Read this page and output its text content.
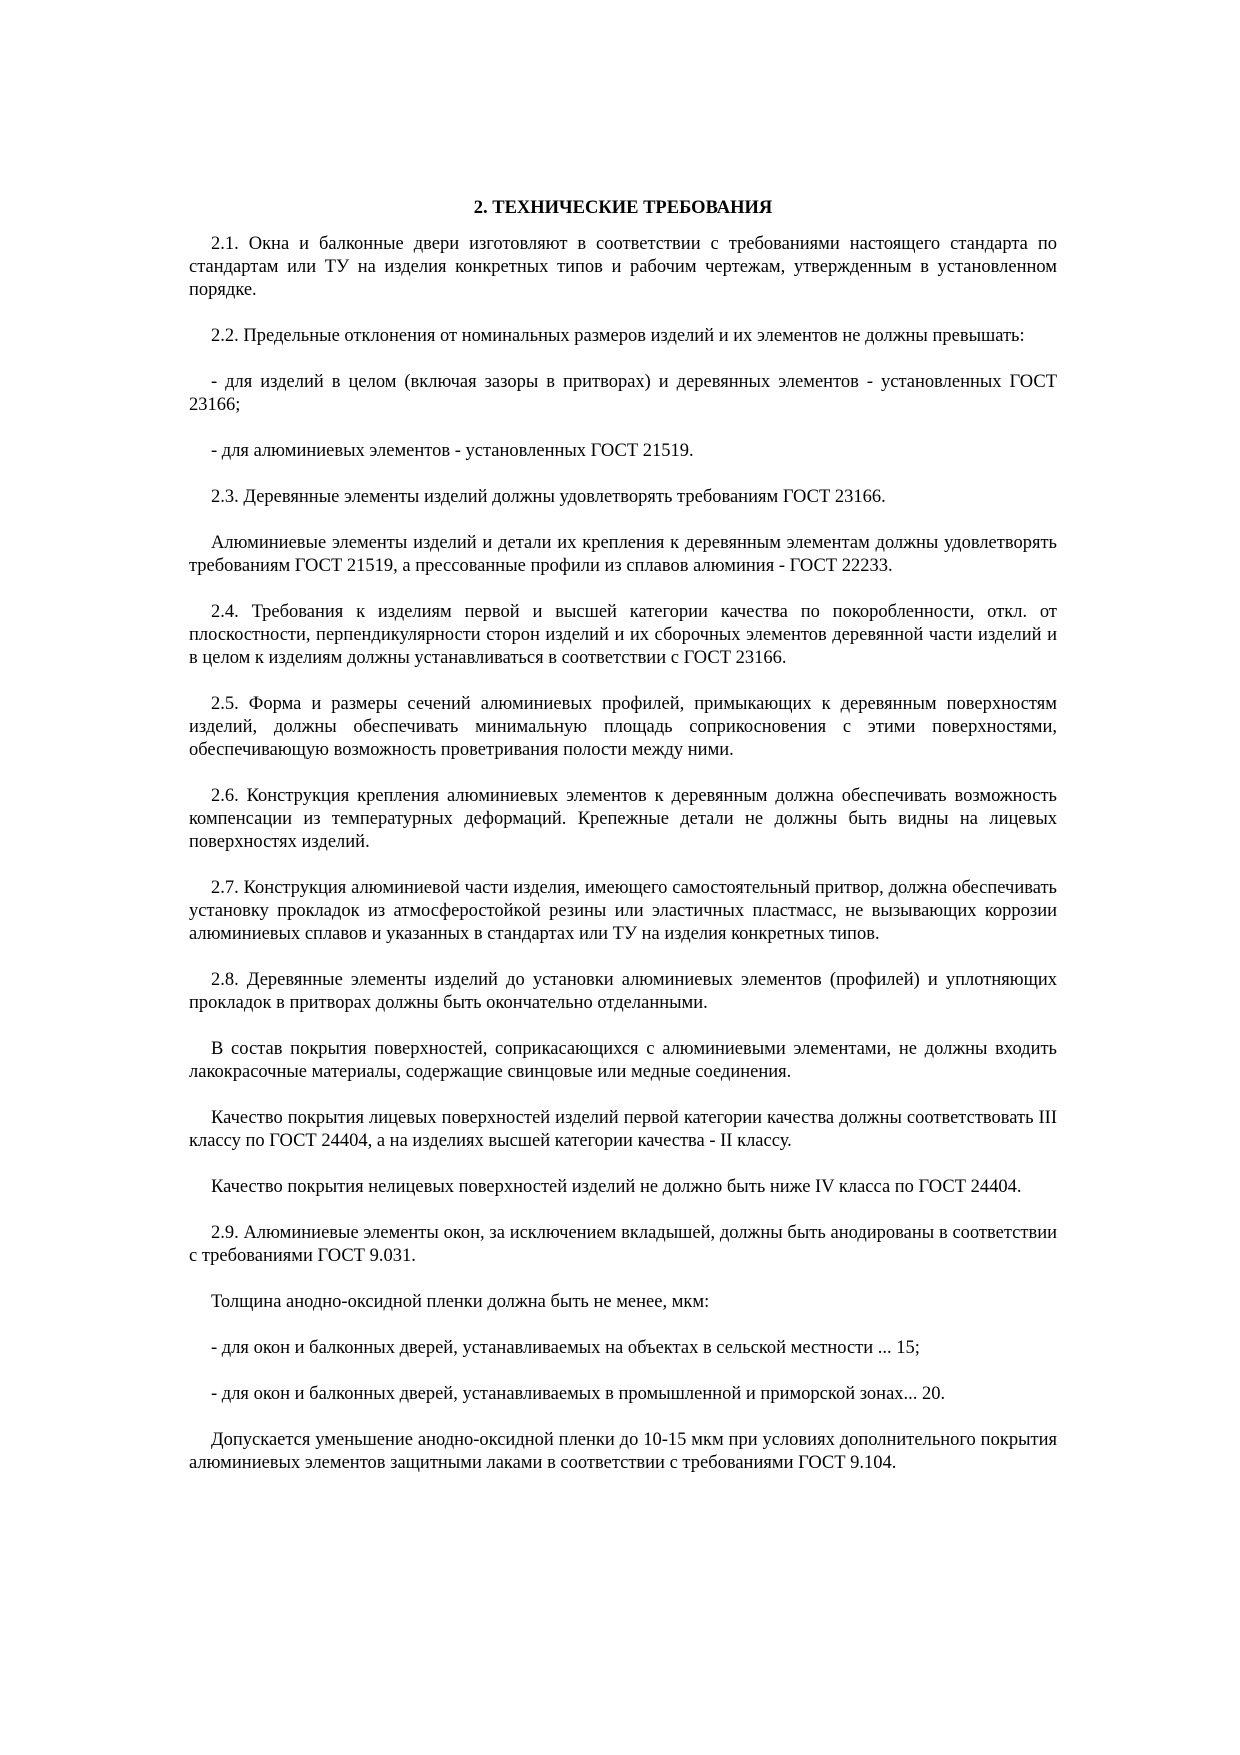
2. ТЕХНИЧЕСКИЕ ТРЕБОВАНИЯ

2.1. Окна и балконные двери изготовляют в соответствии с требованиями настоящего стандарта по стандартам или ТУ на изделия конкретных типов и рабочим чертежам, утвержденным в установленном порядке.

2.2. Предельные отклонения от номинальных размеров изделий и их элементов не должны превышать:

- для изделий в целом (включая зазоры в притворах) и деревянных элементов - установленных ГОСТ 23166;

- для алюминиевых элементов - установленных ГОСТ 21519.

2.3. Деревянные элементы изделий должны удовлетворять требованиям ГОСТ 23166.

Алюминиевые элементы изделий и детали их крепления к деревянным элементам должны удовлетворять требованиям ГОСТ 21519, а прессованные профили из сплавов алюминия - ГОСТ 22233.

2.4. Требования к изделиям первой и высшей категории качества по покоробленности, откл. от плоскостности, перпендикулярности сторон изделий и их сборочных элементов деревянной части изделий и в целом к изделиям должны устанавливаться в соответствии с ГОСТ 23166.

2.5. Форма и размеры сечений алюминиевых профилей, примыкающих к деревянным поверхностям изделий, должны обеспечивать минимальную площадь соприкосновения с этими поверхностями, обеспечивающую возможность проветривания полости между ними.

2.6. Конструкция крепления алюминиевых элементов к деревянным должна обеспечивать возможность компенсации из температурных деформаций. Крепежные детали не должны быть видны на лицевых поверхностях изделий.

2.7. Конструкция алюминиевой части изделия, имеющего самостоятельный притвор, должна обеспечивать установку прокладок из атмосферостойкой резины или эластичных пластмасс, не вызывающих коррозии алюминиевых сплавов и указанных в стандартах или ТУ на изделия конкретных типов.

2.8. Деревянные элементы изделий до установки алюминиевых элементов (профилей) и уплотняющих прокладок в притворах должны быть окончательно отделанными.

В состав покрытия поверхностей, соприкасающихся с алюминиевыми элементами, не должны входить лакокрасочные материалы, содержащие свинцовые или медные соединения.

Качество покрытия лицевых поверхностей изделий первой категории качества должны соответствовать III классу по ГОСТ 24404, а на изделиях высшей категории качества - II классу.

Качество покрытия нелицевых поверхностей изделий не должно быть ниже IV класса по ГОСТ 24404.

2.9. Алюминиевые элементы окон, за исключением вкладышей, должны быть анодированы в соответствии с требованиями ГОСТ 9.031.

Толщина анодно-оксидной пленки должна быть не менее, мкм:

- для окон и балконных дверей, устанавливаемых на объектах в сельской местности ... 15;

- для окон и балконных дверей, устанавливаемых в промышленной и приморской зонах... 20.

Допускается уменьшение анодно-оксидной пленки до 10-15 мкм при условиях дополнительного покрытия алюминиевых элементов защитными лаками в соответствии с требованиями ГОСТ 9.104.
